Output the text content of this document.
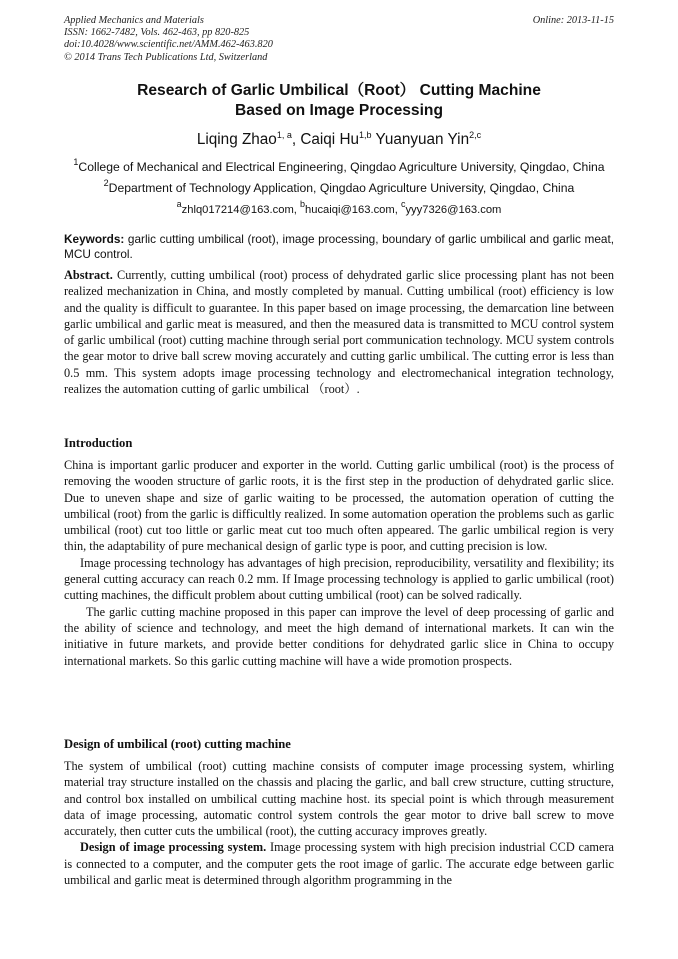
Applied Mechanics and Materials
ISSN: 1662-7482, Vols. 462-463, pp 820-825
doi:10.4028/www.scientific.net/AMM.462-463.820
© 2014 Trans Tech Publications Ltd, Switzerland
Online: 2013-11-15
Research of Garlic Umbilical（Root） Cutting Machine
Based on Image Processing
Liqing Zhao$^{1, a}$, Caiqi Hu$^{1,b}$ Yuanyuan Yin$^{2,c}$
$^1$College of Mechanical and Electrical Engineering, Qingdao Agriculture University, Qingdao, China
$^2$Department of Technology Application, Qingdao Agriculture University, Qingdao, China
$^a$zhlq017214@163.com, $^b$hucaiqi@163.com, $^c$yyy7326@163.com
Keywords: garlic cutting umbilical (root), image processing, boundary of garlic umbilical and garlic meat, MCU control.

Abstract. Currently, cutting umbilical (root) process of dehydrated garlic slice processing plant has not been realized mechanization in China, and mostly completed by manual. Cutting umbilical (root) efficiency is low and the quality is difficult to guarantee. In this paper based on image processing, the demarcation line between garlic umbilical and garlic meat is measured, and then the measured data is transmitted to MCU control system of garlic umbilical (root) cutting machine through serial port communication technology. MCU system controls the gear motor to drive ball screw moving accurately and cutting garlic umbilical. The cutting error is less than 0.5 mm. This system adopts image processing technology and electromechanical integration technology, realizes the automation cutting of garlic umbilical （root）.

Introduction

China is important garlic producer and exporter in the world. Cutting garlic umbilical (root) is the process of removing the wooden structure of garlic roots, it is the first step in the production of dehydrated garlic slice. Due to uneven shape and size of garlic waiting to be processed, the automation operation of cutting the umbilical (root) from the garlic is difficultly realized. In some automation operation the problems such as garlic umbilical (root) cut too little or garlic meat cut too much often appeared. The garlic umbilical region is very thin, the adaptability of pure mechanical design of garlic type is poor, and cutting precision is low.

Image processing technology has advantages of high precision, reproducibility, versatility and flexibility; its general cutting accuracy can reach 0.2 mm. If Image processing technology is applied to garlic umbilical (root) cutting machines, the difficult problem about cutting umbilical (root) can be solved radically.

The garlic cutting machine proposed in this paper can improve the level of deep processing of garlic and the ability of science and technology, and meet the high demand of international markets. It can win the initiative in future markets, and provide better conditions for dehydrated garlic slice in China to occupy international markets. So this garlic cutting machine will have a wide promotion prospects.

Design of umbilical (root) cutting machine

The system of umbilical (root) cutting machine consists of computer image processing system, whirling material tray structure installed on the chassis and placing the garlic, and ball crew structure, cutting structure, and control box installed on umbilical cutting machine host. its special point is which through measurement data of image processing, automatic control system controls the gear motor to drive ball screw to move accurately, then cutter cuts the umbilical (root), the cutting accuracy improves greatly.

Design of image processing system. Image processing system with high precision industrial CCD camera is connected to a computer, and the computer gets the root image of garlic. The accurate edge between garlic umbilical and garlic meat is determined through algorithm programming in the
